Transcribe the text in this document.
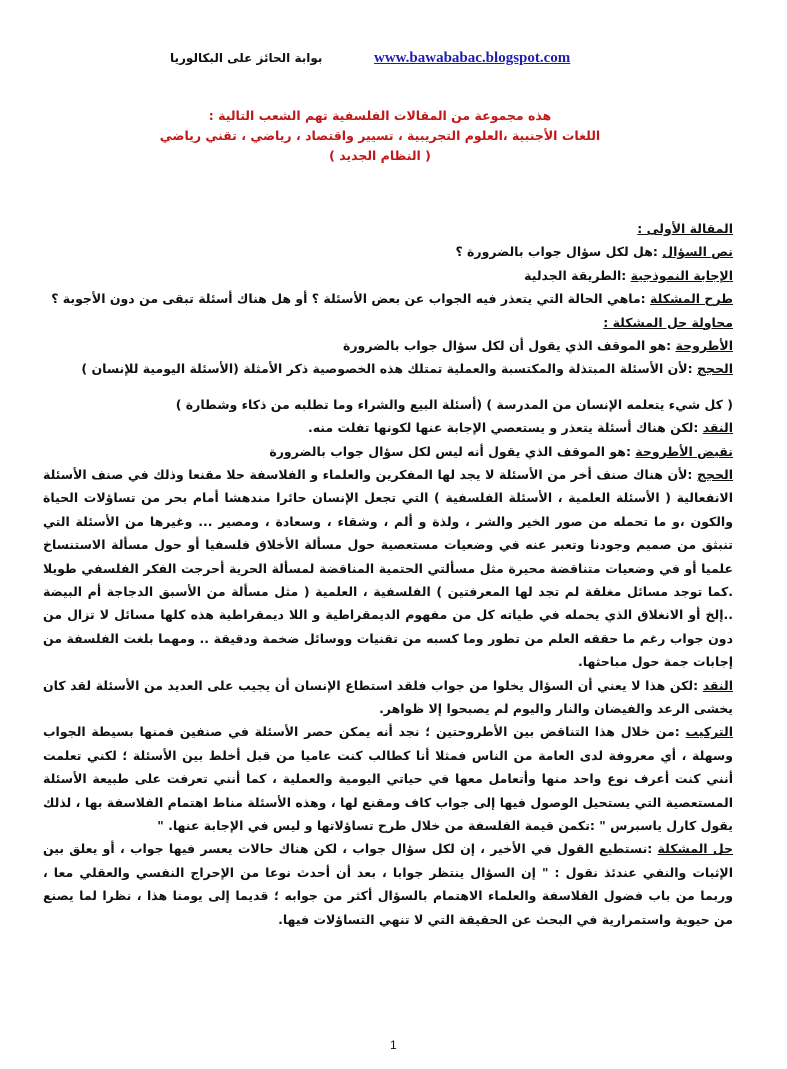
بوابة الحائز على البكالوريا	www.bawababac.blogspot.com
هذه مجموعة من المقالات الفلسفية تهم الشعب التالية :
اللغات الأجنبية ،العلوم التجريبية ، تسيير واقتصاد ، رياضي ، تقني رياضي
( النظام الجديد )
المقالة الأولى :
نص السؤال :هل لكل سؤال جواب بالضرورة ؟
الإجابة النموذجية :الطريقة الجدلية
طرح المشكلة :ماهي الحالة التي يتعذر فيه الجواب عن بعض الأسئلة ؟ أو هل هناك أسئلة تبقى من دون الأجوبة ؟
محاولة حل المشكلة :
الأطروحة :هو الموقف الذي يقول أن لكل سؤال جواب بالضرورة
الحجج :لأن الأسئلة المبتذلة والمكتسبة والعملية تمتلك هذه الخصوصية ذكر الأمثلة (الأسئلة اليومية للإنسان )
( كل شيء يتعلمه الإنسان من المدرسة ) (أسئلة البيع والشراء وما تطلبه من ذكاء وشطارة )
النقد :لكن هناك أسئلة يتعذر و يستعصي الإجابة عنها لكونها تفلت منه.
نقيض الأطروحة :هو الموقف الذي يقول أنه ليس لكل سؤال جواب بالضرورة
الحجج :لأن هناك صنف أخر من الأسئلة لا يجد لها المفكرين والعلماء و الفلاسفة حلا مقنعا وذلك في صنف الأسئلة الانفعالية ( الأسئلة العلمية ، الأسئلة الفلسفية ) التي تجعل الإنسان حائرا مندهشا أمام بحر من تساؤلات الحياة والكون ،و ما تحمله من صور الخير والشر ، ولذة و ألم ، وشقاء ، وسعادة ، ومصير ... وغيرها من الأسئلة التي تنبثق من صميم وجودنا وتعبر عنه في وضعيات مستعصية حول مسألة الأخلاق فلسفيا أو حول مسألة الاستنساخ علميا أو في وضعيات متناقضة محيرة مثل مسألتي الحتمية المناقضة لمسألة الحرية أحرجت الفكر الفلسفي طويلا .كما توجد مسائل مغلقة لم تجد لها المعرفتين ) الفلسفية ، العلمية ( مثل مسألة من الأسبق الدجاجة أم البيضة ..إلخ أو الانغلاق الذي يحمله في طياته كل من مفهوم الديمقراطية و اللا ديمقراطية هذه كلها مسائل لا تزال من دون جواب رغم ما حققه العلم من تطور وما كسبه من تقنيات ووسائل ضخمة ودقيقة .. ومهما بلغت الفلسفة من إجابات جمة حول مباحثها.
النقد :لكن هذا لا يعني أن السؤال يخلوا من جواب فلقد استطاع الإنسان أن يجيب على العديد من الأسئلة لقد كان يخشى الرعد والفيضان والنار واليوم لم يصبحوا إلا ظواهر.
التركيب :من خلال هذا التناقض بين الأطروحتين ؛ نجد أنه يمكن حصر الأسئلة في صنفين فمنها بسيطة الجواب وسهلة ، أي معروفة لدى العامة من الناس فمثلا أنا كطالب كنت عاميا من قبل أخلط بين الأسئلة ؛ لكني تعلمت أنني كنت أعرف نوع واحد منها وأتعامل معها في حياتي اليومية والعملية ، كما أنني تعرفت على طبيعة الأسئلة المستعصية التي يستحيل الوصول فيها إلى جواب كاف ومقنع لها ، وهذه الأسئلة مناط اهتمام الفلاسفة بها ، لذلك يقول كارل ياسبرس " :تكمن قيمة الفلسفة من خلال طرح تساؤلاتها و ليس في الإجابة عنها. "
حل المشكلة :نستطيع القول في الأخير ، إن لكل سؤال جواب ، لكن هناك حالات يعسر فيها جواب ، أو يعلق بين الإثبات والنفي عندئذ نقول : " إن السؤال ينتظر جوابا ، بعد أن أحدث نوعا من الإحراج النفسي والعقلي معا ، وربما من باب فضول الفلاسفة والعلماء الاهتمام بالسؤال أكثر من جوابه ؛ قديما إلى يومنا هذا ، نظرا لما يصنع من حيوية واستمرارية في البحث عن الحقيقة التي لا تنهي التساؤلات فيها.
1
